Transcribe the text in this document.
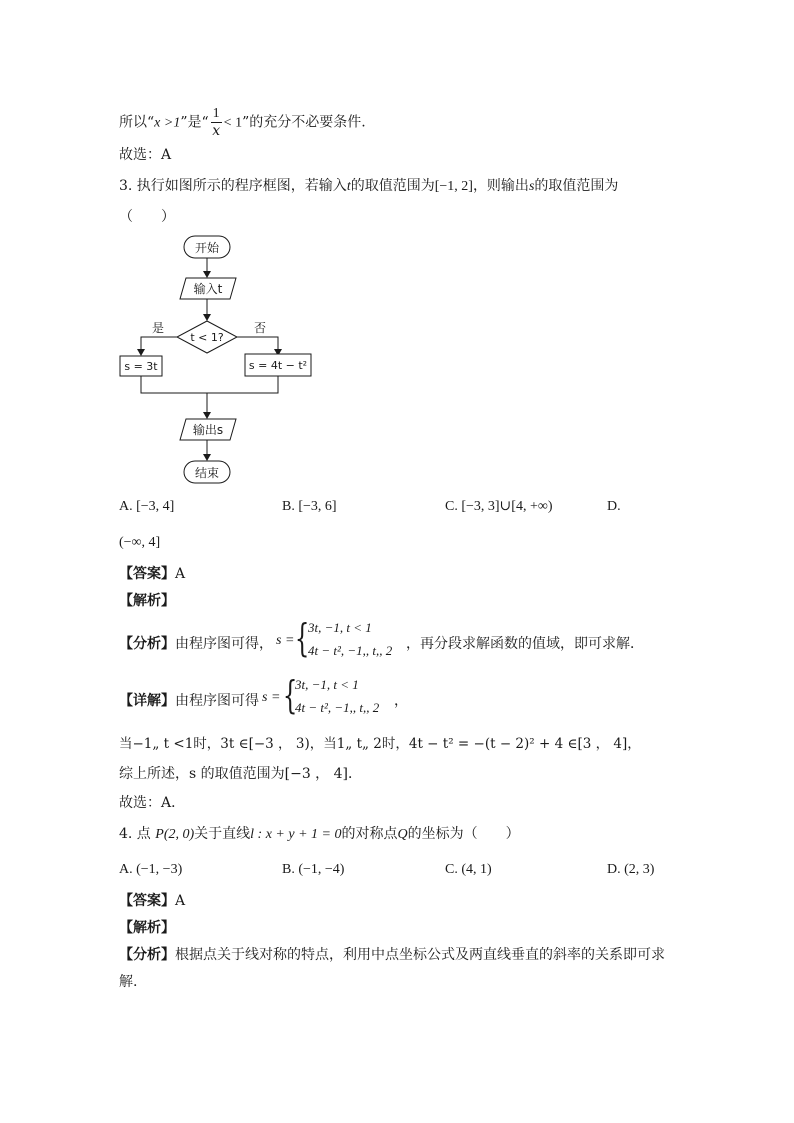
所以“x >1”是“ $\frac{1}{x} < 1$”的充分不必要条件.
故选：A
3. 执行如图所示的程序框图，若输入t的取值范围为[−1, 2]，则输出s的取值范围为
（　　）
开始
输入t
t < 1?
是	否
s = 3t	s = 4t − t²
输出s
结束
A. [−3, 4]	B. [−3, 6]	C. [−3, 3]∪[4, +∞)	D.
(−∞, 4]
【答案】A
【解析】
【分析】由程序图可得， s = {
3t, −1, t < 1
4t − t², −1,, t,, 2 ，再分段求解函数的值域，即可求解．
【详解】由程序图可得 s = {
3t, −1, t < 1
4t − t², −1,, t,, 2 ，
当−1„ t <1时，3t ∈[−3 ， 3)，当1„ t„ 2时，4t − t² = −(t − 2)² + 4 ∈[3 ， 4]，
综上所述，s 的取值范围为[−3 ， 4]．
故选：A．
4. 点 P(2, 0)关于直线l : x + y + 1 = 0的对称点Q的坐标为（　　）
A. (−1, −3)	B. (−1, −4)	C. (4, 1)	D. (2, 3)
【答案】A
【解析】
【分析】根据点关于线对称的特点，利用中点坐标公式及两直线垂直的斜率的关系即可求
解.
